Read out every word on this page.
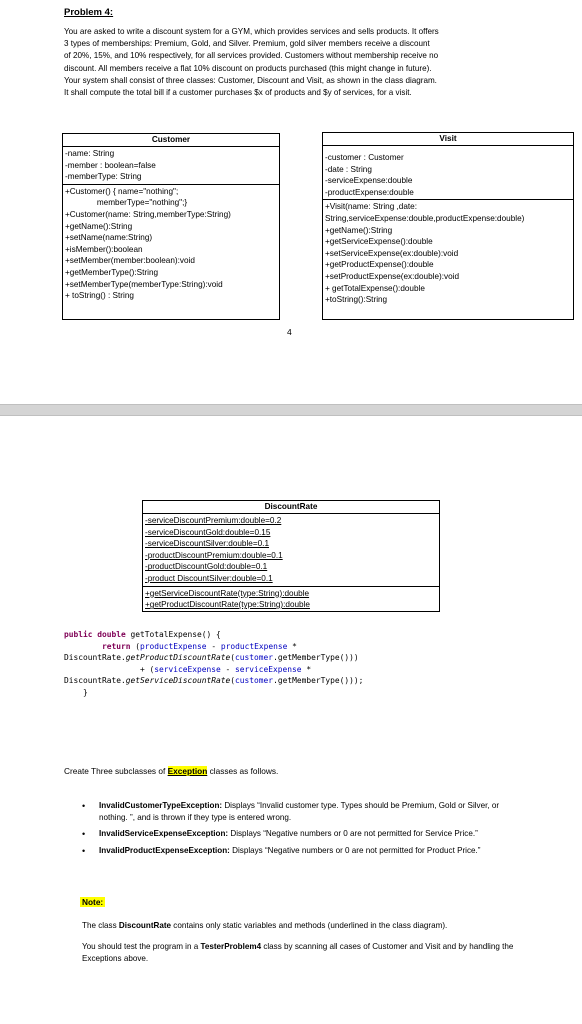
Problem 4:
You are asked to write a discount system for a GYM, which provides services and sells products. It offers
3 types of memberships: Premium, Gold, and Silver. Premium, gold silver members receive a discount
of 20%, 15%, and 10% respectively, for all services provided. Customers without membership receive no
discount. All members receive a flat 10% discount on products purchased (this might change in future).
Your system shall consist of three classes: Customer, Discount and Visit, as shown in the class diagram.
It shall compute the total bill if a customer purchases $x of products and $y of services, for a visit.
Customer
-name: String
-member : boolean=false
-memberType: String
+Customer() { name="nothing";
memberType="nothing";}
+Customer(name: String,memberType:String)
+getName():String
+setName(name:String)
+isMember():boolean
+setMember(member:boolean):void
+getMemberType():String
+setMemberType(memberType:String):void
+ toString() : String
Visit
-customer : Customer
-date : String
-serviceExpense:double
-productExpense:double
+Visit(name: String ,date:
String,serviceExpense:double,productExpense:double)
+getName():String
+getServiceExpense():double
+setServiceExpense(ex:double):void
+getProductExpense():double
+setProductExpense(ex:double):void
+ getTotalExpense():double
+toString():String
4
DiscountRate
-serviceDiscountPremium:double=0.2
-serviceDiscountGold:double=0.15
-serviceDiscountSilver:double=0.1
-productDiscountPremium:double=0.1
-productDiscountGold:double=0.1
-product DiscountSilver:double=0.1
+getServiceDiscountRate(type:String):double
+getProductDiscountRate(type:String):double
public double getTotalExpense() {
return (productExpense - productExpense *
DiscountRate.getProductDiscountRate(customer.getMemberType()))
+ (serviceExpense - serviceExpense *
DiscountRate.getServiceDiscountRate(customer.getMemberType()));
}
Create Three subclasses of Exception classes as follows.
• InvalidCustomerTypeException: Displays “Invalid customer type. Types should be Premium, Gold or Silver, or nothing. ”, and is thrown if they type is entered wrong.
• InvalidServiceExpenseException: Displays “Negative numbers or 0 are not permitted for Service Price.”
• InvalidProductExpenseException: Displays “Negative numbers or 0 are not permitted for Product Price.”
Note:

The class DiscountRate contains only static variables and methods (underlined in the class diagram).

You should test the program in a TesterProblem4 class by scanning all cases of Customer and Visit and by handling the Exceptions above.
